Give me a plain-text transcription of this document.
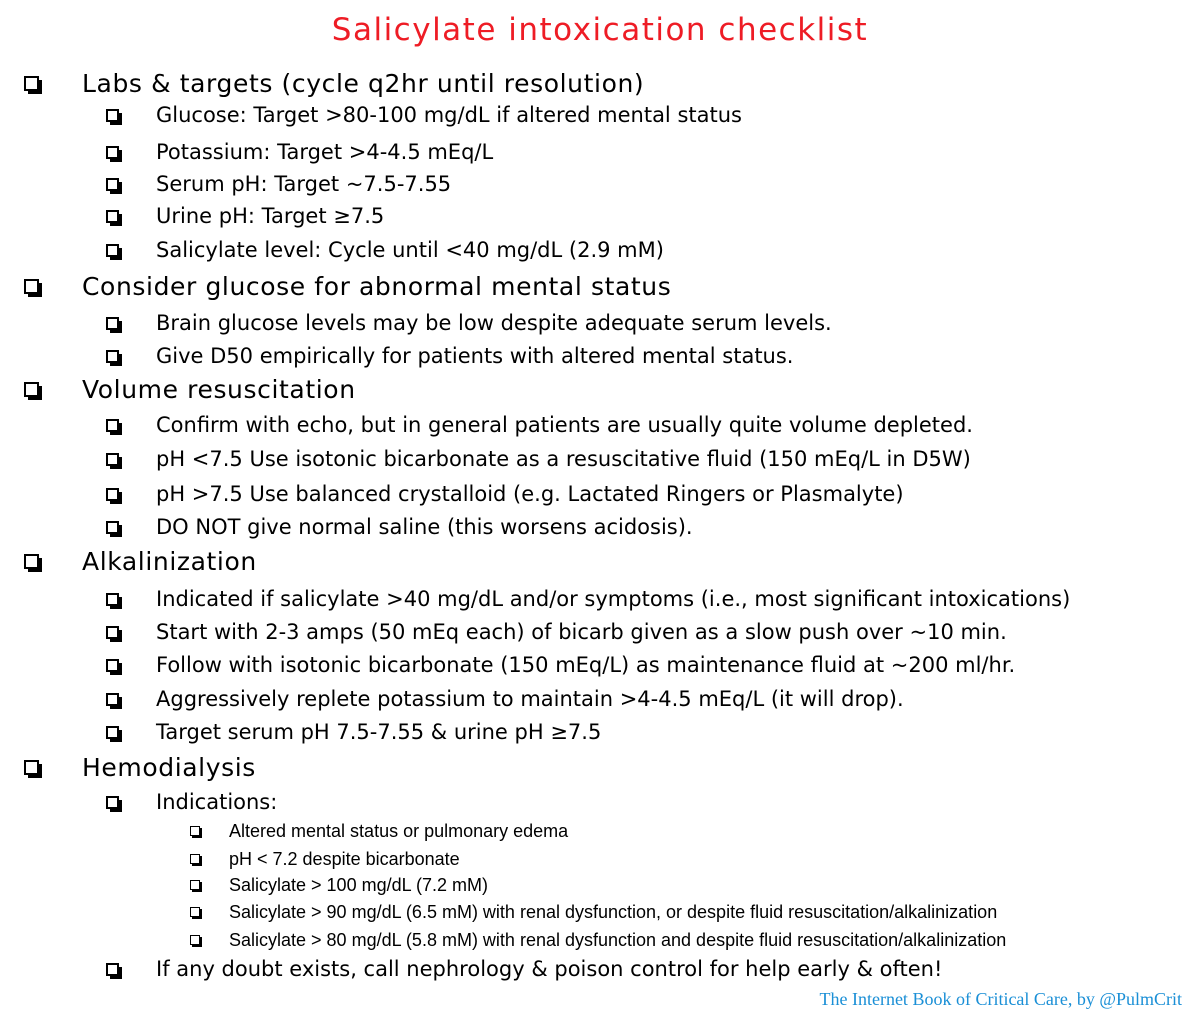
Salicylate intoxication checklist
Labs & targets (cycle q2hr until resolution)
Glucose: Target >80-100 mg/dL if altered mental status
Potassium: Target >4-4.5 mEq/L
Serum pH: Target ~7.5-7.55
Urine pH: Target ≥7.5
Salicylate level: Cycle until <40 mg/dL (2.9 mM)
Consider glucose for abnormal mental status
Brain glucose levels may be low despite adequate serum levels.
Give D50 empirically for patients with altered mental status.
Volume resuscitation
Confirm with echo, but in general patients are usually quite volume depleted.
pH <7.5 Use isotonic bicarbonate as a resuscitative fluid (150 mEq/L in D5W)
pH >7.5 Use balanced crystalloid (e.g. Lactated Ringers or Plasmalyte)
DO NOT give normal saline (this worsens acidosis).
Alkalinization
Indicated if salicylate >40 mg/dL and/or symptoms (i.e., most significant intoxications)
Start with 2-3 amps (50 mEq each) of bicarb given as a slow push over ~10 min.
Follow with isotonic bicarbonate (150 mEq/L) as maintenance fluid at ~200 ml/hr.
Aggressively replete potassium to maintain >4-4.5 mEq/L (it will drop).
Target serum pH 7.5-7.55 & urine pH ≥7.5
Hemodialysis
Indications:
Altered mental status or pulmonary edema
pH < 7.2 despite bicarbonate
Salicylate > 100 mg/dL (7.2 mM)
Salicylate > 90 mg/dL (6.5 mM) with renal dysfunction, or despite fluid resuscitation/alkalinization
Salicylate > 80 mg/dL (5.8 mM) with renal dysfunction and despite fluid resuscitation/alkalinization
If any doubt exists, call nephrology & poison control for help early & often!
The Internet Book of Critical Care, by @PulmCrit
